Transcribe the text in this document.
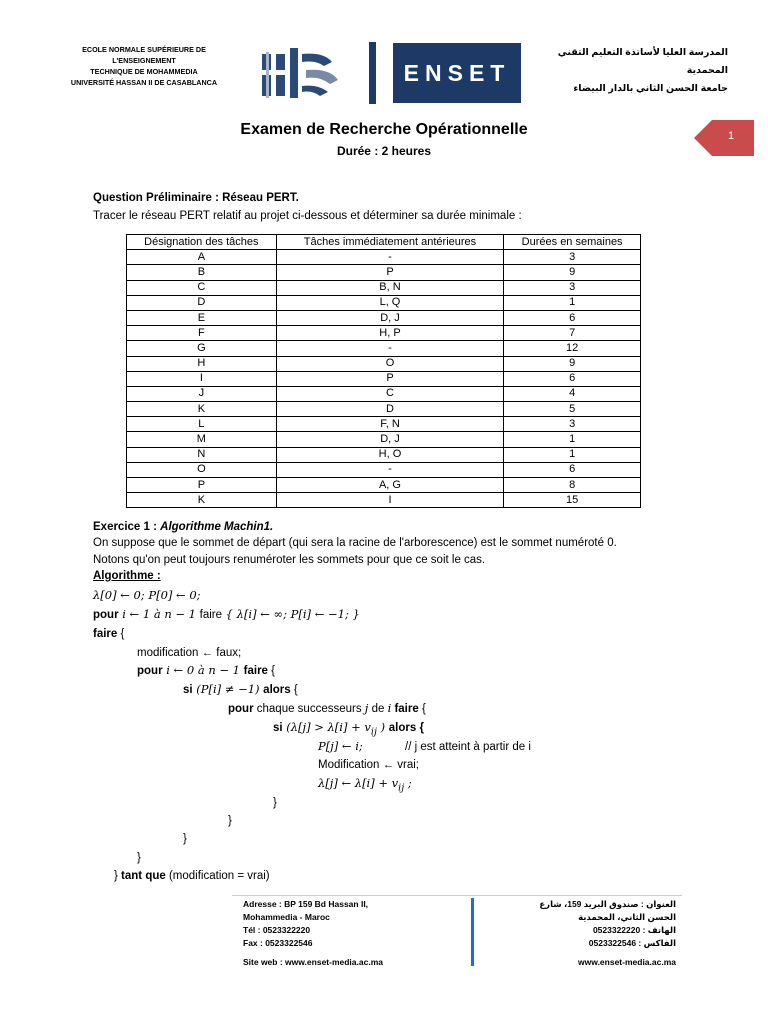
ECOLE NORMALE SUPÉRIEURE DE
L'ENSEIGNEMENT
TECHNIQUE DE MOHAMMEDIA
UNIVERSITÉ HASSAN II DE CASABLANCA	ENSET
المدرسة العليا لأساتذة التعليم التقني
المحمدية
جامعة الحسن الثاني بالدار البيضاء
1
Examen de Recherche Opérationnelle
Durée : 2 heures
Question Préliminaire : Réseau PERT.
Tracer le réseau PERT relatif au projet ci-dessous et déterminer sa durée minimale :
Désignation des tâches	Tâches immédiatement antérieures	Durées en semaines
A	-	3
B	P	9
C	B, N	3
D	L, Q	1
E	D, J	6
F	H, P	7
G	-	12
H	O	9
I	P	6
J	C	4
K	D	5
L	F, N	3
M	D, J	1
N	H, O	1
O	-	6
P	A, G	8
K	I	15
Exercice 1 : Algorithme Machin1.
On suppose que le sommet de départ (qui sera la racine de l'arborescence) est le sommet numéroté 0.
Notons qu'on peut toujours renuméroter les sommets pour que ce soit le cas.
Algorithme :
λ[0] ← 0; P[0] ← 0;
pour i ← 1 à n − 1 faire { λ[i] ← ∞; P[i] ← −1; }
faire {
modification ← faux;
pour i ← 0 à n − 1 faire {
si (P[i] ≠ −1) alors {
pour chaque successeurs j de i faire {
si ($\lambda[j] > \lambda[i] + v_{ij}$ ) alors {
P[j] ← i;	// j est atteint à partir de i
Modification ← vrai;
λ[j] ← $\lambda[i] + v_{ij}$ ;
}
}
}
}
} tant que (modification = vrai)
Adresse : BP 159 Bd Hassan II,
Mohammedia - Maroc
Tél : 0523322220
Fax : 0523322546
Site web : www.enset-media.ac.ma
العنوان : صندوق البريد 159، شارع
الحسن الثاني، المحمدية
الهاتف : 0523322220
الفاكس : 0523322546
www.enset-media.ac.ma
